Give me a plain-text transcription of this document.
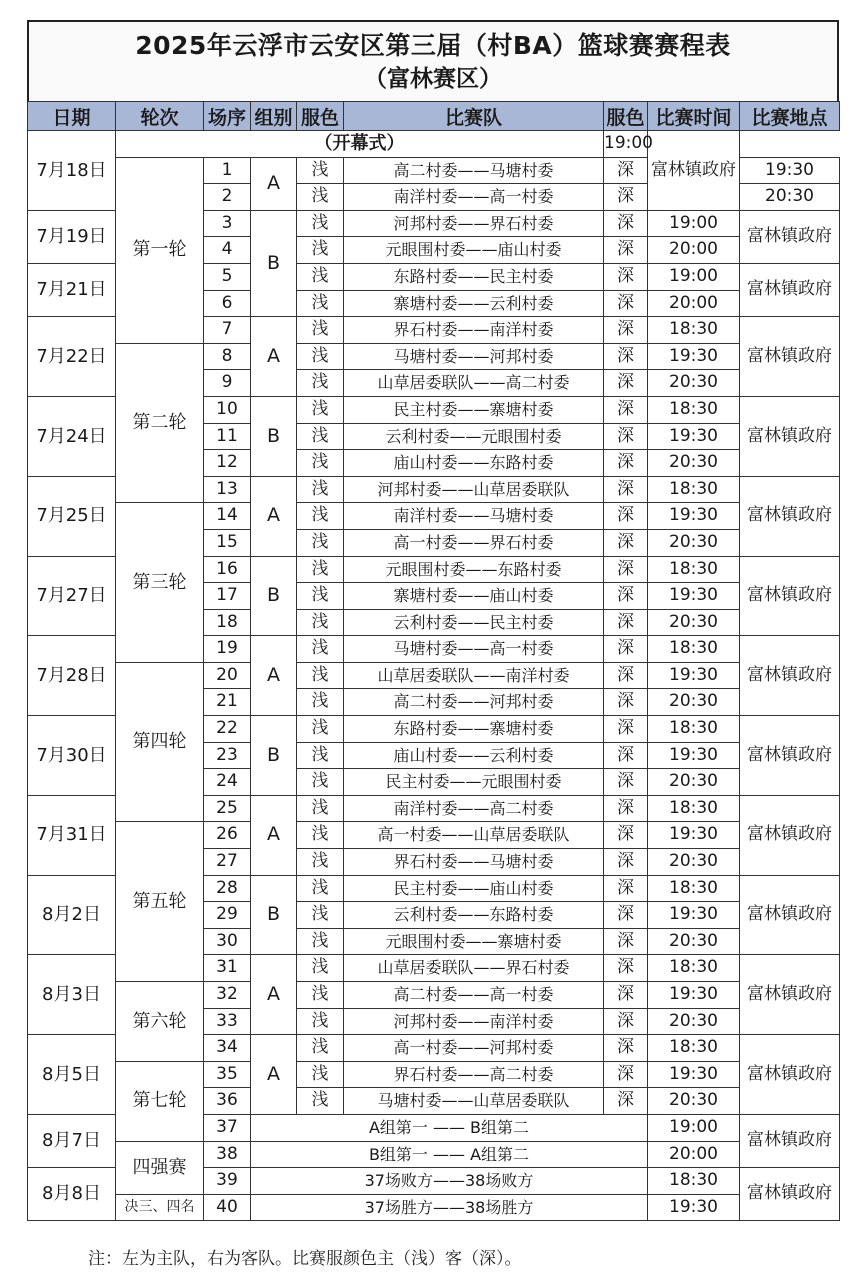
2025年云浮市云安区第三届（村BA）篮球赛赛程表
（富林赛区）
日期	轮次	场序	组别	服色	比赛队	服色	比赛时间	比赛地点
7月18日	（开幕式）					19:00	富林镇政府	
	第一轮	1	A	浅	高二村委——马塘村委	深		19:30
		2		浅	南洋村委——高一村委	深		20:30
7月19日		3	B	浅	河邦村委——界石村委	深	19:00	富林镇政府
		4		浅	元眼围村委——庙山村委	深	20:00	
7月21日		5		浅	东路村委——民主村委	深	19:00	富林镇政府
		6		浅	寨塘村委——云利村委	深	20:00	
7月22日		7	A	浅	界石村委——南洋村委	深	18:30	富林镇政府
	第二轮	8		浅	马塘村委——河邦村委	深	19:30	
		9		浅	山草居委联队——高二村委	深	20:30	
7月24日		10	B	浅	民主村委——寨塘村委	深	18:30	富林镇政府
		11		浅	云利村委——元眼围村委	深	19:30	
		12		浅	庙山村委——东路村委	深	20:30	
7月25日		13	A	浅	河邦村委——山草居委联队	深	18:30	富林镇政府
	第三轮	14		浅	南洋村委——马塘村委	深	19:30	
		15		浅	高一村委——界石村委	深	20:30	
7月27日		16	B	浅	元眼围村委——东路村委	深	18:30	富林镇政府
		17		浅	寨塘村委——庙山村委	深	19:30	
		18		浅	云利村委——民主村委	深	20:30	
7月28日		19	A	浅	马塘村委——高一村委	深	18:30	富林镇政府
	第四轮	20		浅	山草居委联队——南洋村委	深	19:30	
		21		浅	高二村委——河邦村委	深	20:30	
7月30日		22	B	浅	东路村委——寨塘村委	深	18:30	富林镇政府
		23		浅	庙山村委——云利村委	深	19:30	
		24		浅	民主村委——元眼围村委	深	20:30	
7月31日		25	A	浅	南洋村委——高二村委	深	18:30	富林镇政府
	第五轮	26		浅	高一村委——山草居委联队	深	19:30	
		27		浅	界石村委——马塘村委	深	20:30	
8月2日		28	B	浅	民主村委——庙山村委	深	18:30	富林镇政府
		29		浅	云利村委——东路村委	深	19:30	
		30		浅	元眼围村委——寨塘村委	深	20:30	
8月3日		31	A	浅	山草居委联队——界石村委	深	18:30	富林镇政府
	第六轮	32		浅	高二村委——高一村委	深	19:30	
		33		浅	河邦村委——南洋村委	深	20:30	
8月5日		34	A	浅	高一村委——河邦村委	深	18:30	富林镇政府
	第七轮	35		浅	界石村委——高二村委	深	19:30	
		36		浅	马塘村委——山草居委联队	深	20:30	
8月7日		37	A组第一 —— B组第二				19:00	富林镇政府
	四强赛	38	B组第一 —— A组第二				20:00	
8月8日		39	37场败方——38场败方				18:30	富林镇政府
	决三、四名	40	37场胜方——38场胜方				19:30	
注：左为主队，右为客队。比赛服颜色主（浅）客（深）。
